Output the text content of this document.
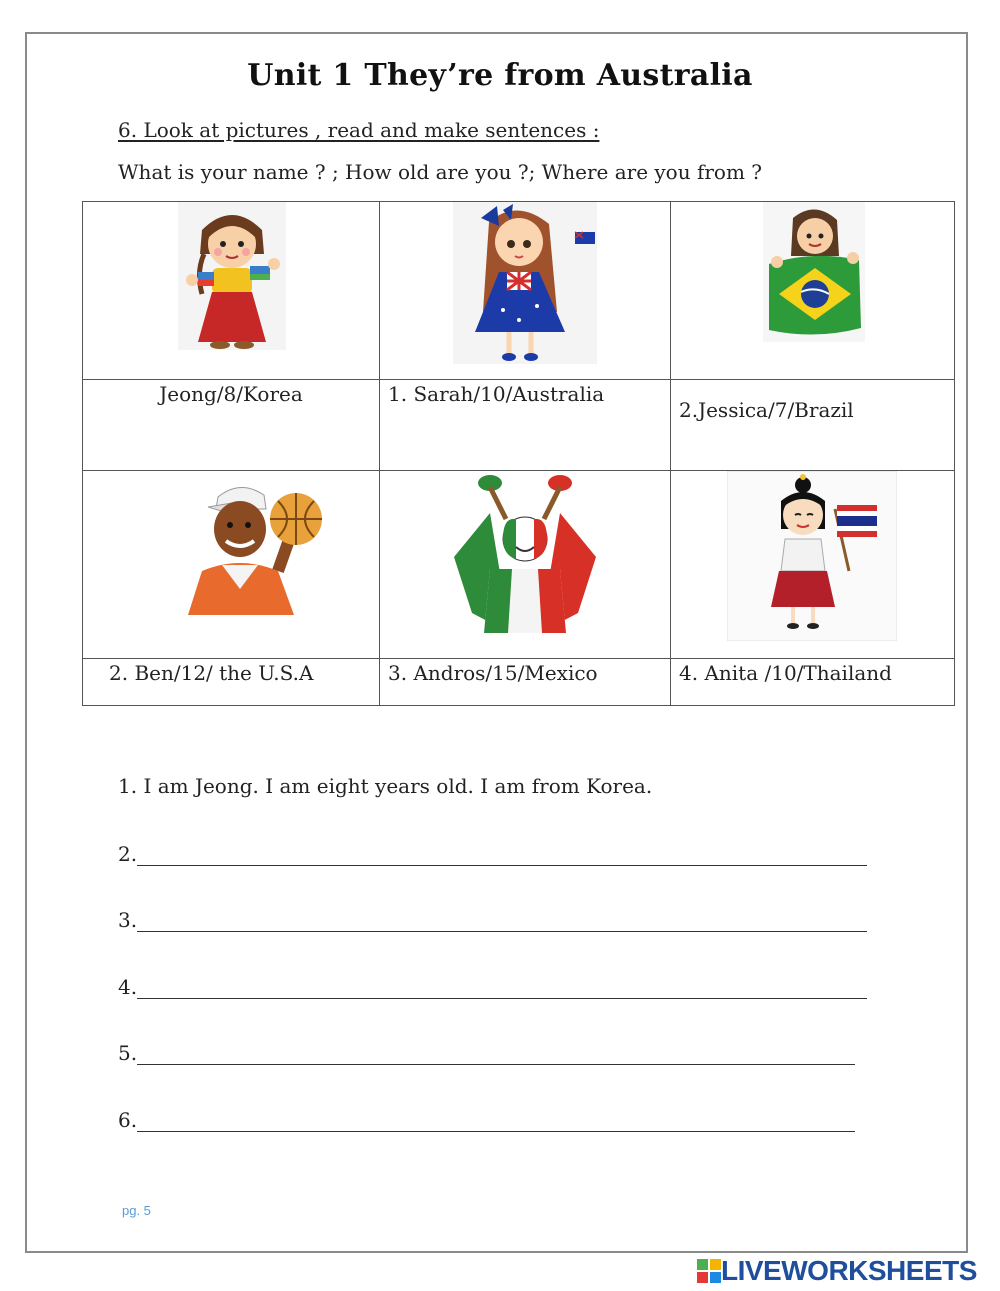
Unit 1 They’re from Australia
6. Look at pictures , read and make sentences :
What is your name ? ; How old are you ?; Where are you from ?

Jeong/8/Korea	1. Sarah/10/Australia	2.Jessica/7/Brazil

2. Ben/12/ the U.S.A	3. Andros/15/Mexico	4. Anita /10/Thailand
1. I am Jeong. I am eight years old. I am from Korea.
2.
3.
4.
5.
6.
pg. 5
LIVEWORKSHEETS
